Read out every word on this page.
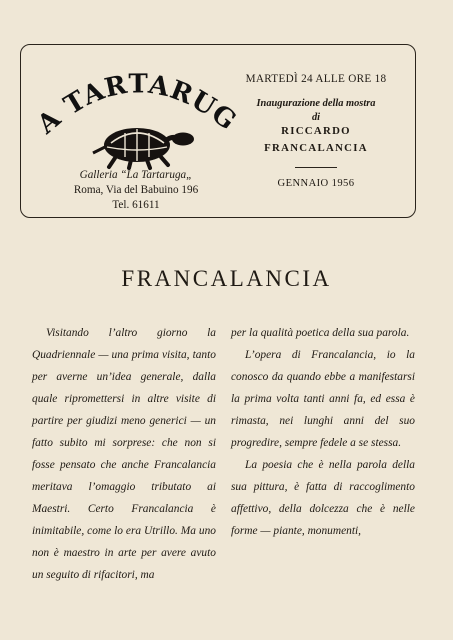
TARTARU
Galleria “La Tartaruga„
Roma, Via del Babuino 196
Tel. 61611
MARTEDÌ 24 ALLE ORE 18
Inaugurazione della mostra
di
RICCARDO
FRANCALANCIA
GENNAIO 1956
FRANCALANCIA

Visitando l’altro giorno la Quadriennale — una prima visita, tanto per averne un’idea generale, dalla quale ripromettersi in altre visite di partire per giudizi meno generici — un fatto subito mi sorprese: che non si fosse pensato che anche Francalancia meritava l’omaggio tributato ai Maestri. Certo Francalancia è inimitabile, come lo era Utrillo. Ma uno non è maestro in arte per avere avuto un seguito di rifacitori, ma

per la qualità poetica della sua parola.

L’opera di Francalancia, io la conosco da quando ebbe a manifestarsi la prima volta tanti anni fa, ed essa è rimasta, nei lunghi anni del suo progredire, sempre fedele a se stessa.

La poesia che è nella parola della sua pittura, è fatta di raccoglimento affettivo, della dolcezza che è nelle forme — piante, monumenti,
